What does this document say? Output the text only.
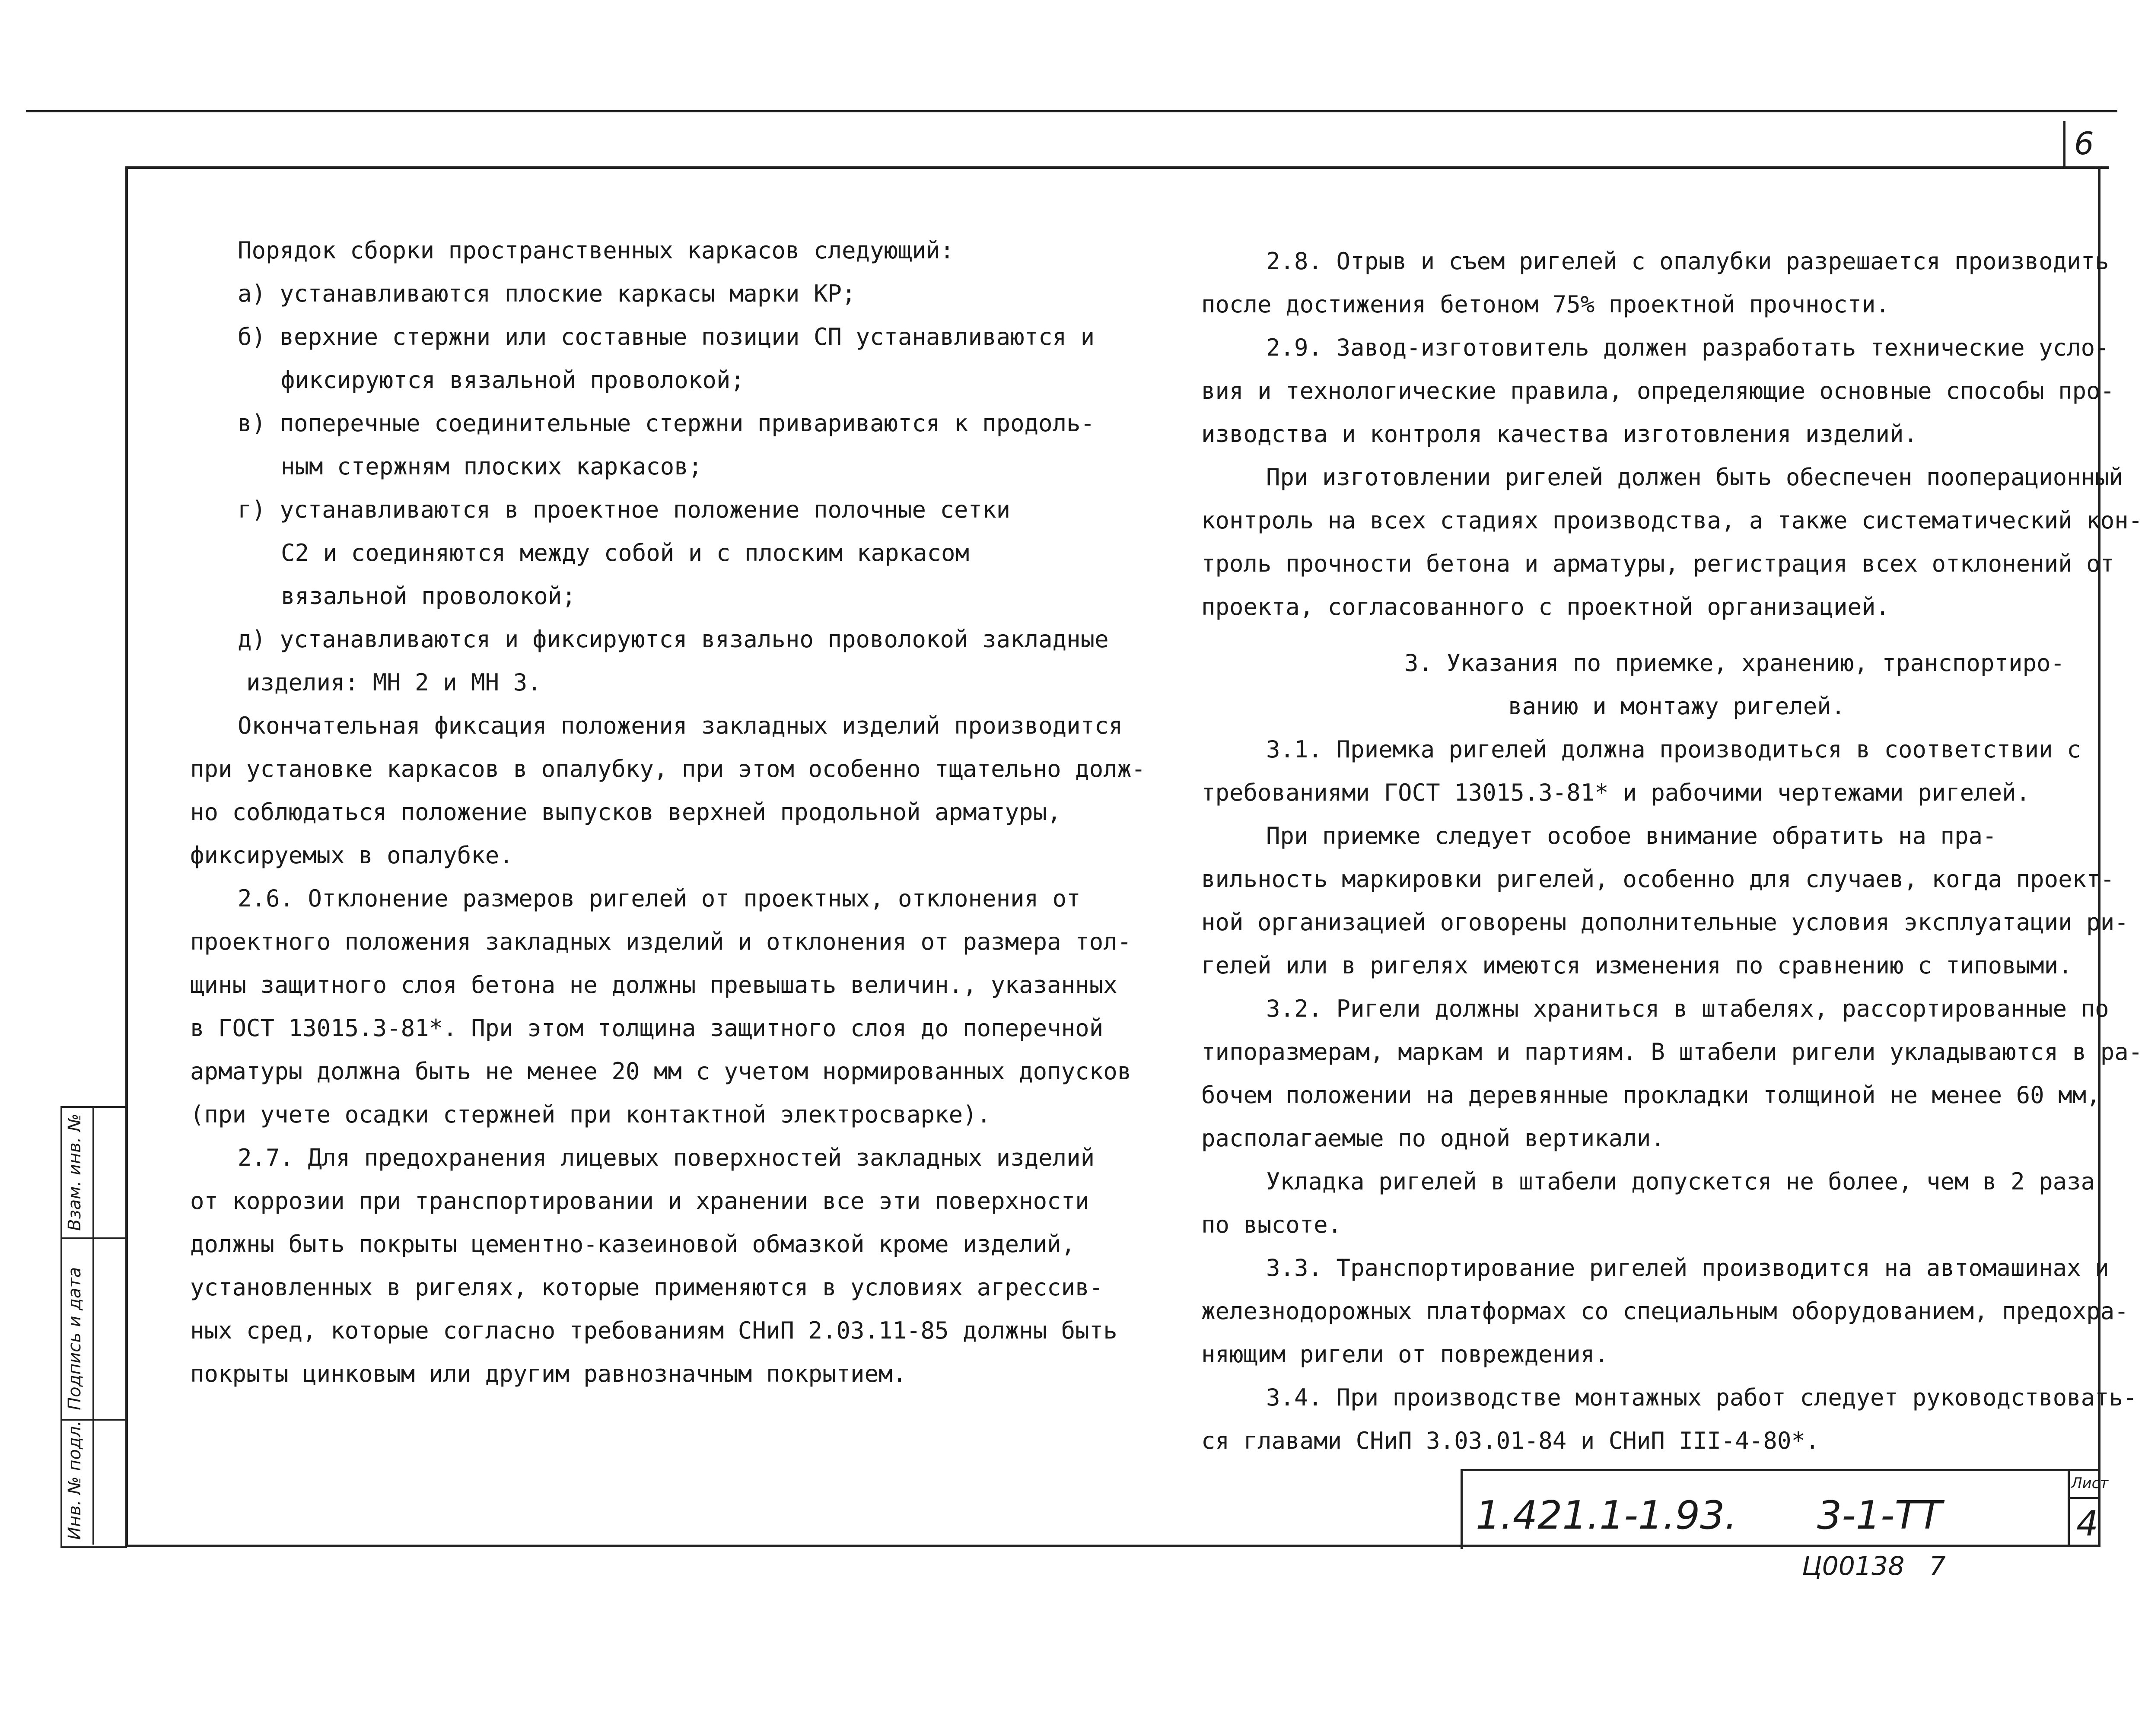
6
Инв. № подл.
Подпись и дата
Взам. инв. №
Порядок сборки пространственных каркасов следующий:
а) устанавливаются плоские каркасы марки КР;
б) верхние стержни или составные позиции СП устанавливаются и
фиксируются вязальной проволокой;
в) поперечные соединительные стержни привариваются к продоль-
ным стержням плоских каркасов;
г) устанавливаются в проектное положение полочные сетки
С2 и соединяются между собой и с плоским каркасом
вязальной проволокой;
д) устанавливаются и фиксируются вязально проволокой закладные
изделия: МН 2 и МН 3.
Окончательная фиксация положения закладных изделий производится
при установке каркасов в опалубку, при этом особенно тщательно долж-
но соблюдаться положение выпусков верхней продольной арматуры,
фиксируемых в опалубке.
2.6. Отклонение размеров ригелей от проектных, отклонения от
проектного положения закладных изделий и отклонения от размера тол-
щины защитного слоя бетона не должны превышать величин., указанных
в ГОСТ 13015.3-81*. При этом толщина защитного слоя до поперечной
арматуры должна быть не менее 20 мм с учетом нормированных допусков
(при учете осадки стержней при контактной электросварке).
2.7. Для предохранения лицевых поверхностей закладных изделий
от коррозии при транспортировании и хранении все эти поверхности
должны быть покрыты цементно-казеиновой обмазкой кроме изделий,
установленных в ригелях, которые применяются в условиях агрессив-
ных сред, которые согласно требованиям СНиП 2.03.11-85 должны быть
покрыты цинковым или другим равнозначным покрытием.
2.8. Отрыв и съем ригелей с опалубки разрешается производить
после достижения бетоном 75% проектной прочности.
2.9. Завод-изготовитель должен разработать технические усло-
вия и технологические правила, определяющие основные способы про-
изводства и контроля качества изготовления изделий.
При изготовлении ригелей должен быть обеспечен пооперационный
контроль на всех стадиях производства, а также систематический кон-
троль прочности бетона и арматуры, регистрация всех отклонений от
проекта, согласованного с проектной организацией.
3. Указания по приемке, хранению, транспортиро-
ванию и монтажу ригелей.
3.1. Приемка ригелей должна производиться в соответствии с
требованиями ГОСТ 13015.3-81* и рабочими чертежами ригелей.
При приемке следует особое внимание обратить на пра-
вильность маркировки ригелей, особенно для случаев, когда проект-
ной организацией оговорены дополнительные условия эксплуатации ри-
гелей или в ригелях имеются изменения по сравнению с типовыми.
3.2. Ригели должны храниться в штабелях, рассортированные по
типоразмерам, маркам и партиям. В штабели ригели укладываются в ра-
бочем положении на деревянные прокладки толщиной не менее 60 мм,
располагаемые по одной вертикали.
Укладка ригелей в штабели допускется не более, чем в 2 раза
по высоте.
3.3. Транспортирование ригелей производится на автомашинах и
железнодорожных платформах со специальным оборудованием, предохра-
няющим ригели от повреждения.
3.4. При производстве монтажных работ следует руководствовать-
ся главами СНиП 3.03.01-84 и СНиП III-4-80*.
1.421.1-1.93. 3-1-ТТ
Лист
4
Ц00138   7
